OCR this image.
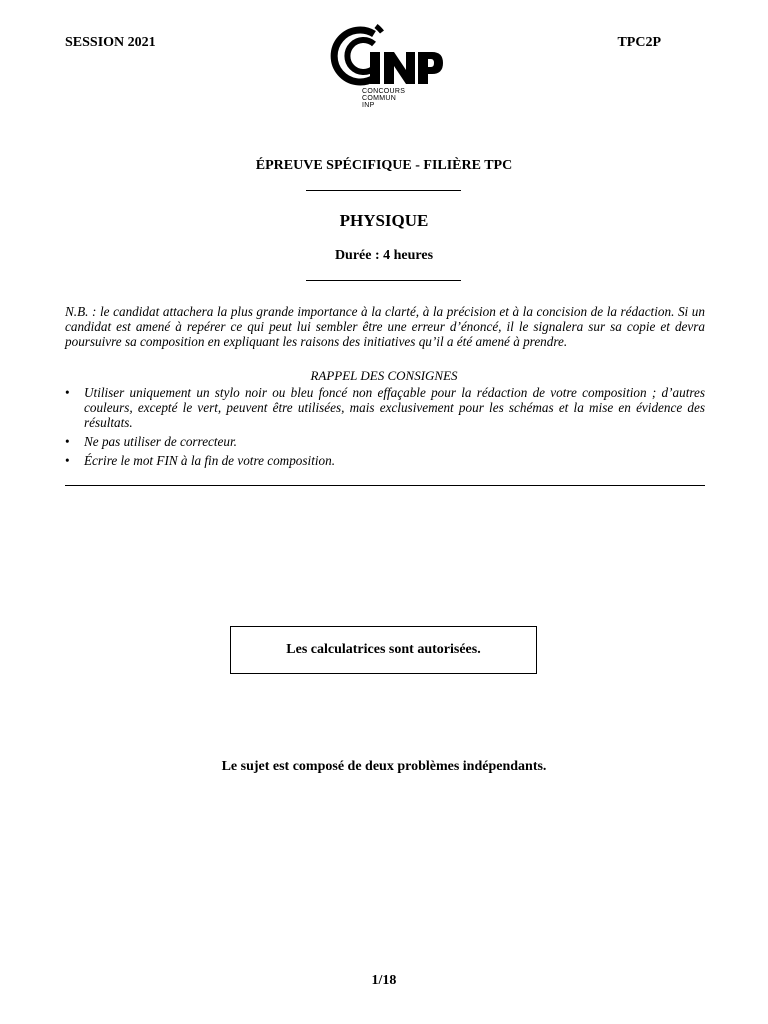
SESSION 2021	TPC2P
CONCOURS
COMMUN
INP
ÉPREUVE SPÉCIFIQUE - FILIÈRE TPC
PHYSIQUE
Durée : 4 heures
N.B. : le candidat attachera la plus grande importance à la clarté, à la précision et à la concision de la rédaction. Si un candidat est amené à repérer ce qui peut lui sembler être une erreur d’énoncé, il le signalera sur sa copie et devra poursuivre sa composition en expliquant les raisons des initiatives qu’il a été amené à prendre.
RAPPEL DES CONSIGNES
• Utiliser uniquement un stylo noir ou bleu foncé non effaçable pour la rédaction de votre composition ; d’autres couleurs, excepté le vert, peuvent être utilisées, mais exclusivement pour les schémas et la mise en évidence des résultats.
• Ne pas utiliser de correcteur.
• Écrire le mot FIN à la fin de votre composition.
Les calculatrices sont autorisées.
Le sujet est composé de deux problèmes indépendants.
1/18
